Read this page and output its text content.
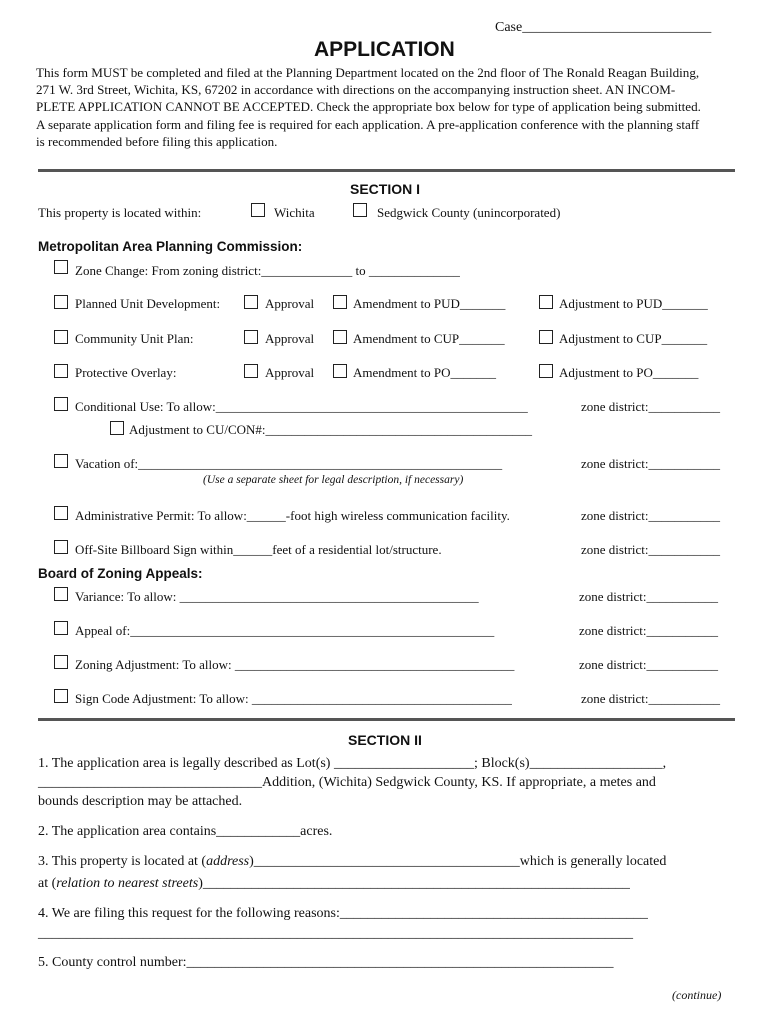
Case___________________________
APPLICATION
This form MUST be completed and filed at the Planning Department located on the 2nd floor of The Ronald Reagan Building,
271 W. 3rd Street, Wichita, KS, 67202 in accordance with directions on the accompanying instruction sheet. AN INCOM-
PLETE APPLICATION CANNOT BE ACCEPTED. Check the appropriate box below for type of application being submitted.
A separate application form and filing fee is required for each application. A pre-application conference with the planning staff
is recommended before filing this application.
SECTION I
This property is located within:	Wichita	Sedgwick County (unincorporated)
Metropolitan Area Planning Commission:
Zone Change: From zoning district:______________ to ______________
Planned Unit Development:	Approval	Amendment to PUD_______	Adjustment to PUD_______
Community Unit Plan:	Approval	Amendment to CUP_______	Adjustment to CUP_______
Protective Overlay:	Approval	Amendment to PO_______	Adjustment to PO_______
Conditional Use: To allow:________________________________________________	zone district:___________
Adjustment to CU/CON#:_________________________________________
Vacation of:________________________________________________________	zone district:___________
(Use a separate sheet for legal description, if necessary)
Administrative Permit: To allow:______-foot high wireless communication facility.	zone district:___________
Off-Site Billboard Sign within______feet of a residential lot/structure.	zone district:___________
Board of Zoning Appeals:
Variance: To allow: ______________________________________________	zone district:___________
Appeal of:________________________________________________________	zone district:___________
Zoning Adjustment: To allow: ___________________________________________	zone district:___________
Sign Code Adjustment: To allow: ________________________________________	zone district:___________
SECTION II
1. The application area is legally described as Lot(s) ____________________; Block(s)___________________,
________________________________Addition, (Wichita) Sedgwick County, KS. If appropriate, a metes and
bounds description may be attached.
2. The application area contains____________acres.
3. This property is located at (address)______________________________________which is generally located
at (relation to nearest streets)_____________________________________________________________
4. We are filing this request for the following reasons:____________________________________________
_____________________________________________________________________________________
5. County control number:_____________________________________________________________
(continue)
